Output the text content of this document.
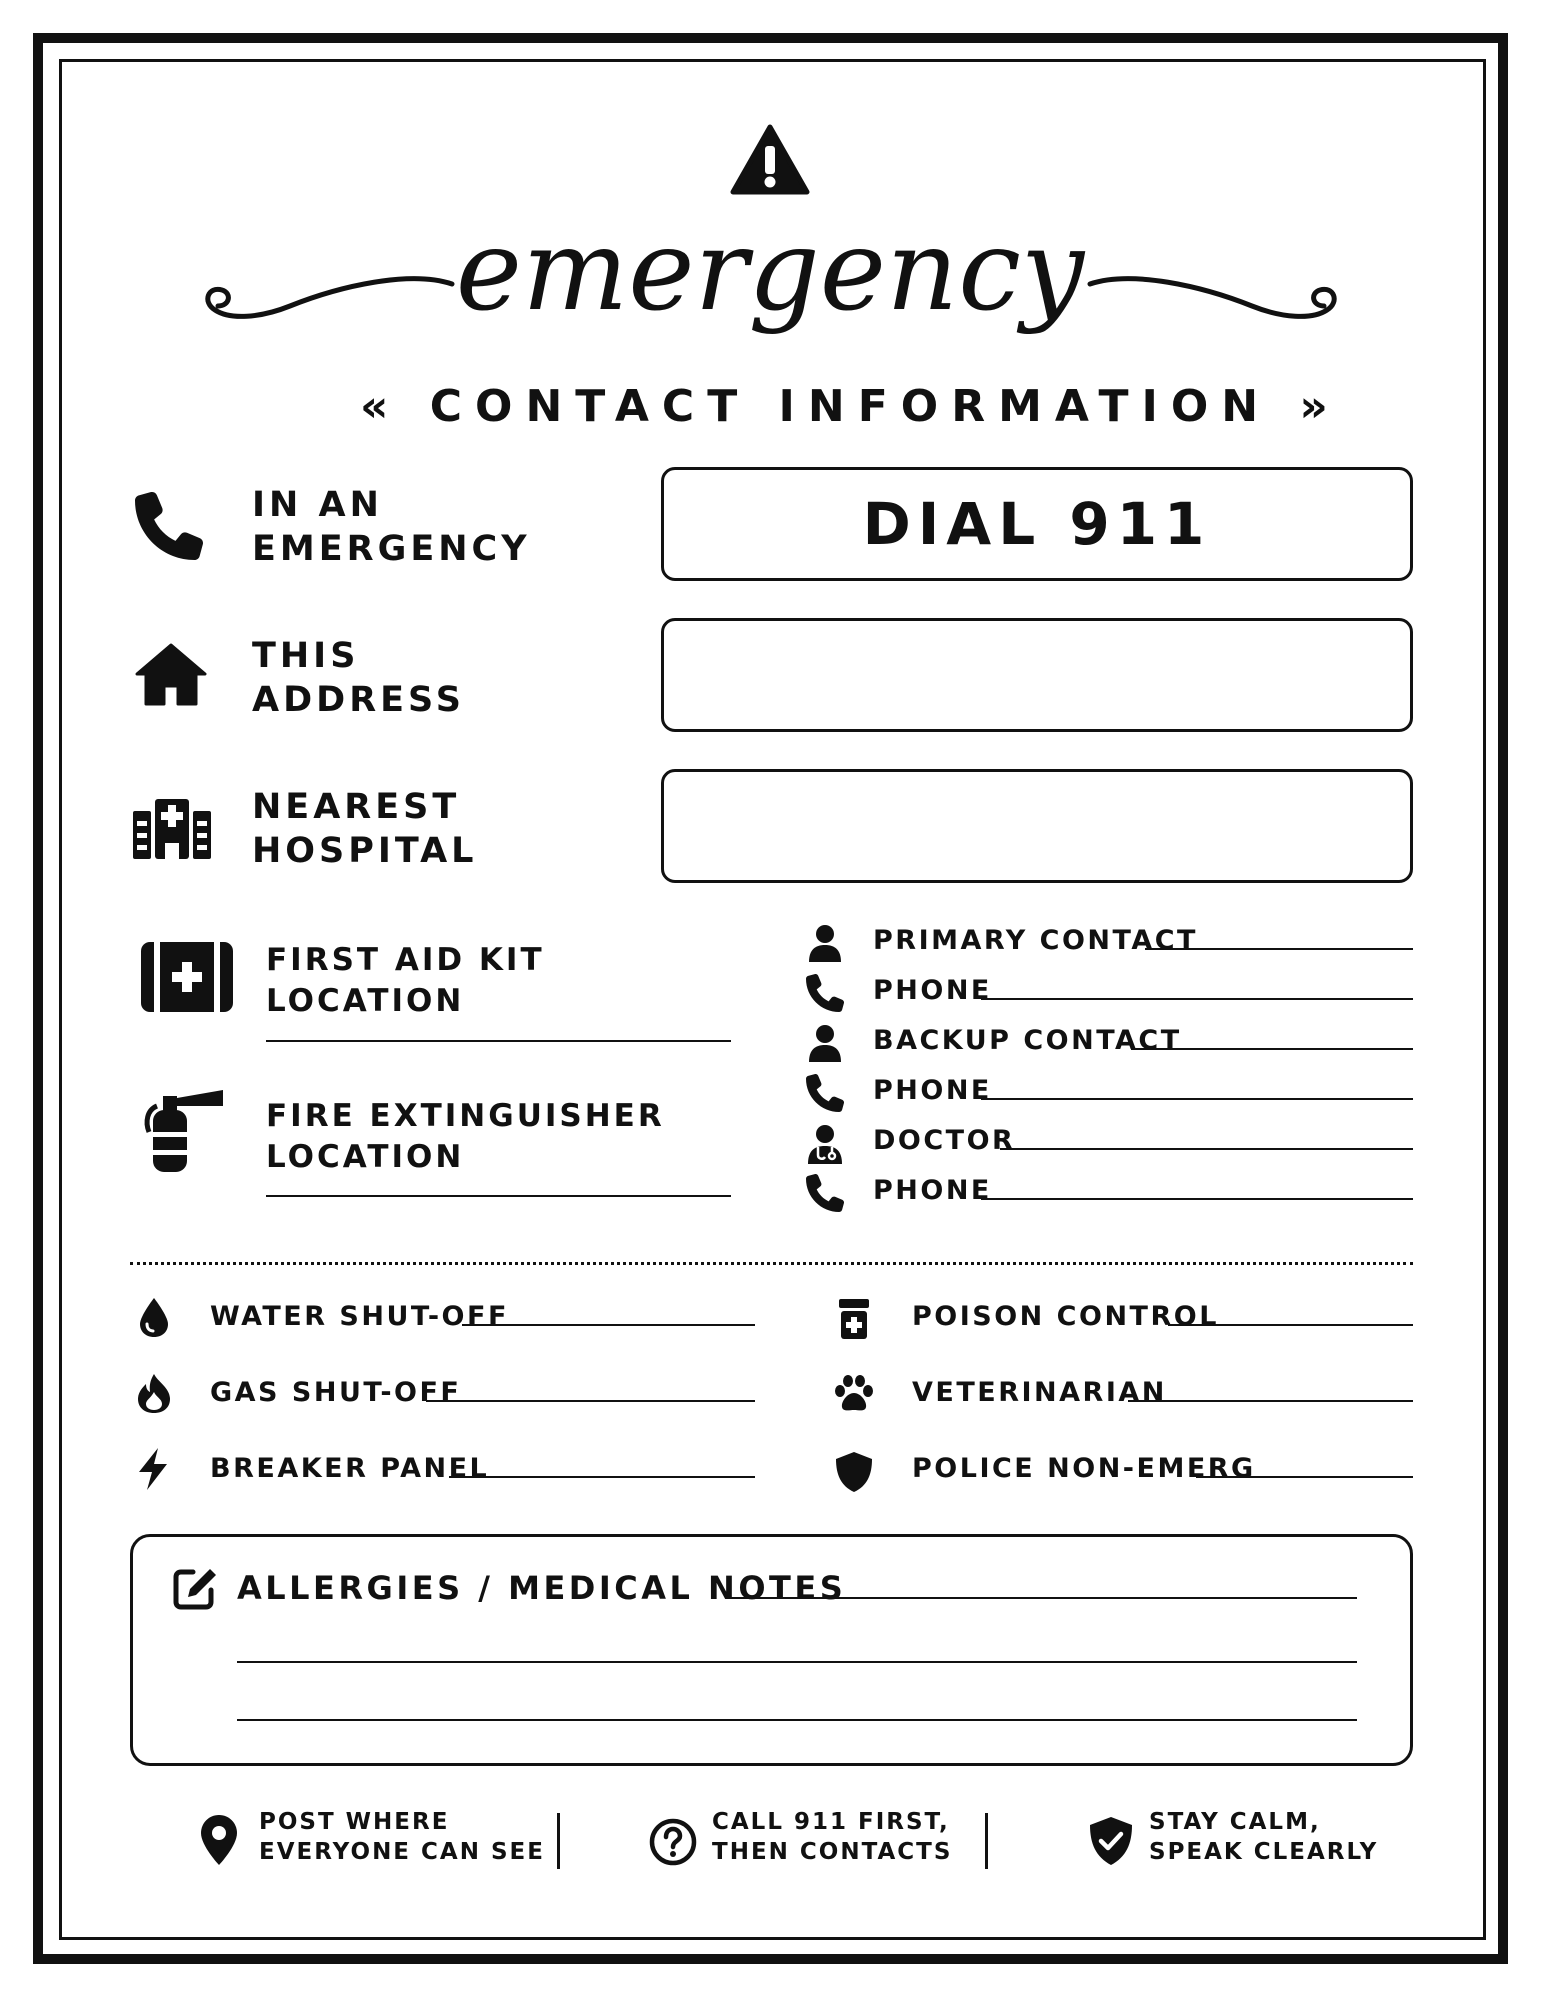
emergency
« CONTACT INFORMATION »
IN AN
EMERGENCY	DIAL 911
THIS
ADDRESS
NEAREST
HOSPITAL
FIRST AID KIT
LOCATION
FIRE EXTINGUISHER
LOCATION
PRIMARY CONTACT
PHONE
BACKUP CONTACT
PHONE
DOCTOR
PHONE
WATER SHUT-OFF
GAS SHUT-OFF
BREAKER PANEL
POISON CONTROL
VETERINARIAN
POLICE NON-EMERG
ALLERGIES / MEDICAL NOTES
POST WHERE
EVERYONE CAN SEE
CALL 911 FIRST,
THEN CONTACTS
STAY CALM,
SPEAK CLEARLY
